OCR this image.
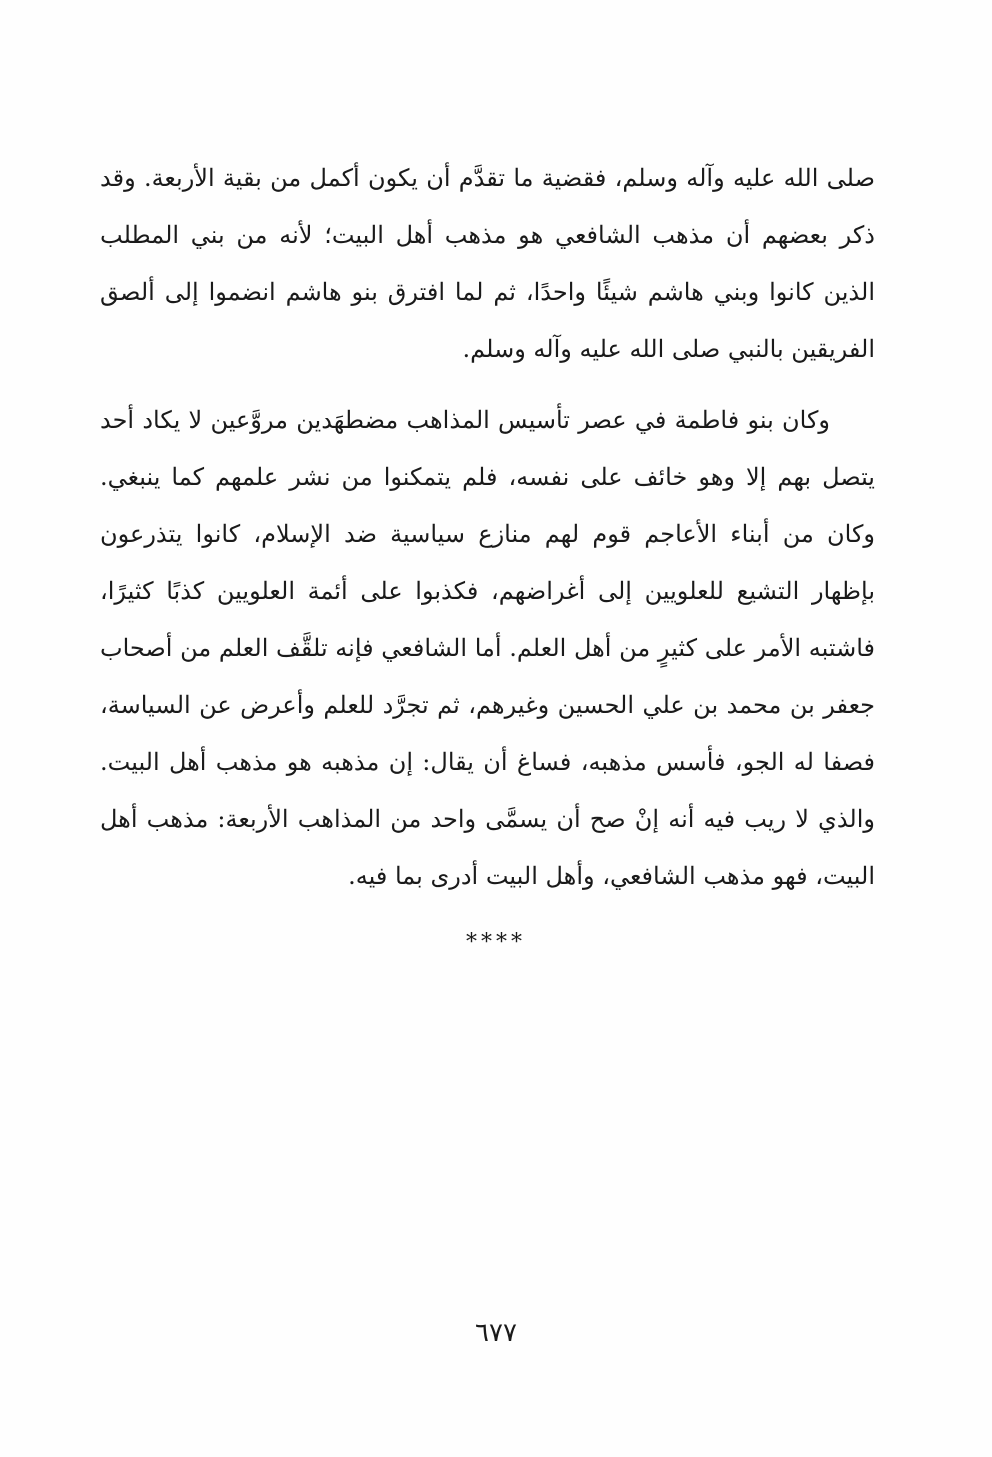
صلى الله عليه وآله وسلم، فقضية ما تقدَّم أن يكون أكمل من بقية الأربعة. وقد ذكر بعضهم أن مذهب الشافعي هو مذهب أهل البيت؛ لأنه من بني المطلب الذين كانوا وبني هاشم شيئًا واحدًا، ثم لما افترق بنو هاشم انضموا إلى ألصق الفريقين بالنبي صلى الله عليه وآله وسلم.

وكان بنو فاطمة في عصر تأسيس المذاهب مضطهَدين مروَّعين لا يكاد أحد يتصل بهم إلا وهو خائف على نفسه، فلم يتمكنوا من نشر علمهم كما ينبغي. وكان من أبناء الأعاجم قوم لهم منازع سياسية ضد الإسلام، كانوا يتذرعون بإظهار التشيع للعلويين إلى أغراضهم، فكذبوا على أئمة العلويين كذبًا كثيرًا، فاشتبه الأمر على كثيرٍ من أهل العلم. أما الشافعي فإنه تلقَّف العلم من أصحاب جعفر بن محمد بن علي الحسين وغيرهم، ثم تجرَّد للعلم وأعرض عن السياسة، فصفا له الجو، فأسس مذهبه، فساغ أن يقال: إن مذهبه هو مذهب أهل البيت. والذي لا ريب فيه أنه إنْ صح أن يسمَّى واحد من المذاهب الأربعة: مذهب أهل البيت، فهو مذهب الشافعي، وأهل البيت أدرى بما فيه.

****
٦٧٧
